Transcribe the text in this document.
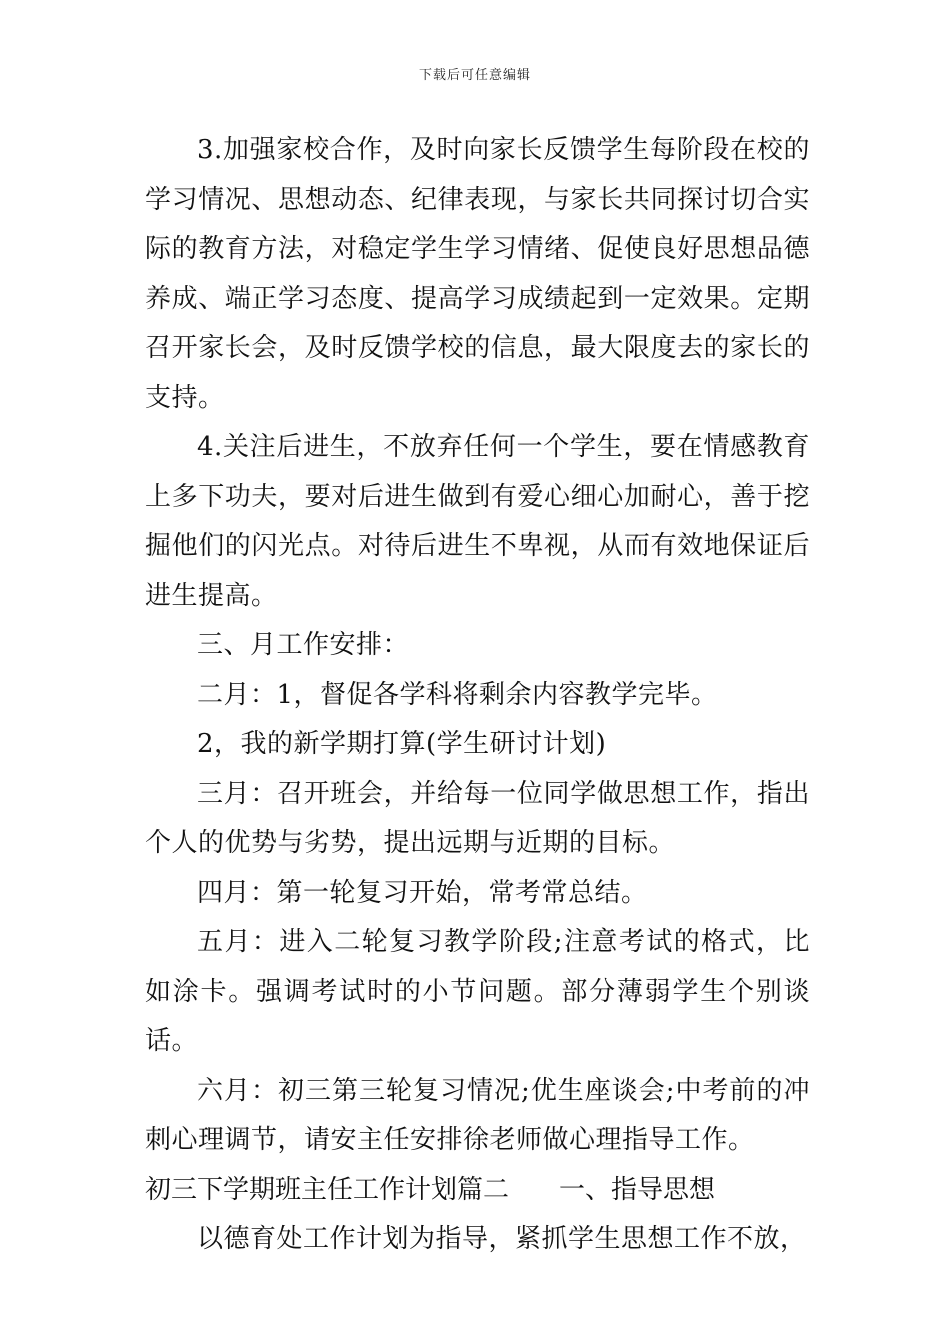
下载后可任意编辑

3.加强家校合作，及时向家长反馈学生每阶段在校的学习情况、思想动态、纪律表现，与家长共同探讨切合实际的教育方法，对稳定学生学习情绪、促使良好思想品德养成、端正学习态度、提高学习成绩起到一定效果。定期召开家长会，及时反馈学校的信息，最大限度去的家长的支持。

4.关注后进生，不放弃任何一个学生，要在情感教育上多下功夫，要对后进生做到有爱心细心加耐心，善于挖掘他们的闪光点。对待后进生不卑视，从而有效地保证后进生提高。

三、月工作安排：

二月：1，督促各学科将剩余内容教学完毕。

2，我的新学期打算(学生研讨计划)

三月：召开班会，并给每一位同学做思想工作，指出个人的优势与劣势，提出远期与近期的目标。

四月：第一轮复习开始，常考常总结。

五月：进入二轮复习教学阶段;注意考试的格式，比如涂卡。强调考试时的小节问题。部分薄弱学生个别谈话。

六月：初三第三轮复习情况;优生座谈会;中考前的冲刺心理调节，请安主任安排徐老师做心理指导工作。

初三下学期班主任工作计划篇二 一、指导思想

以德育处工作计划为指导，紧抓学生思想工作不放，
